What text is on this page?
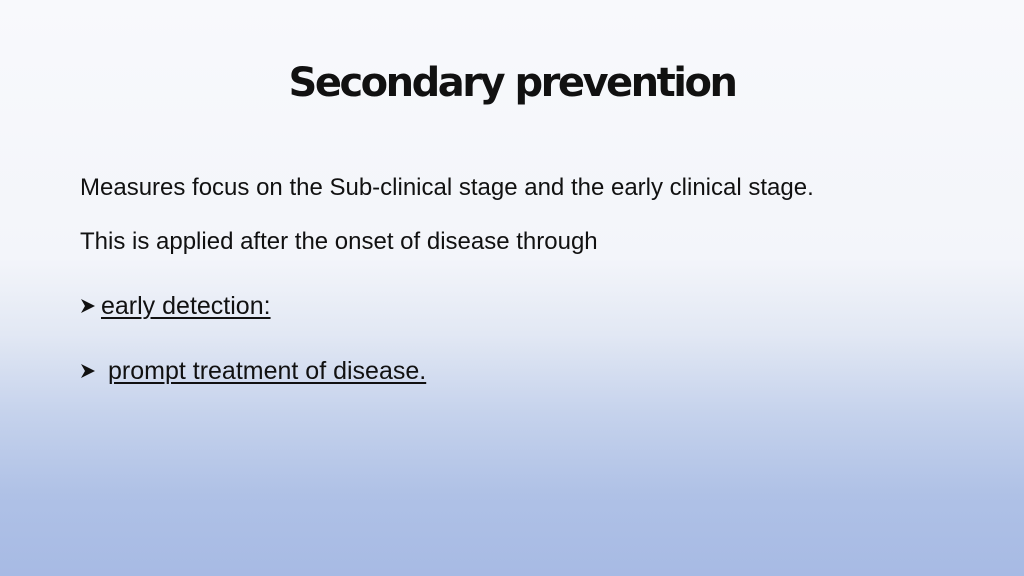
Secondary prevention
Measures focus on the Sub-clinical stage and the early clinical stage.
This is applied after the onset of disease through
early detection:
prompt treatment of disease.
